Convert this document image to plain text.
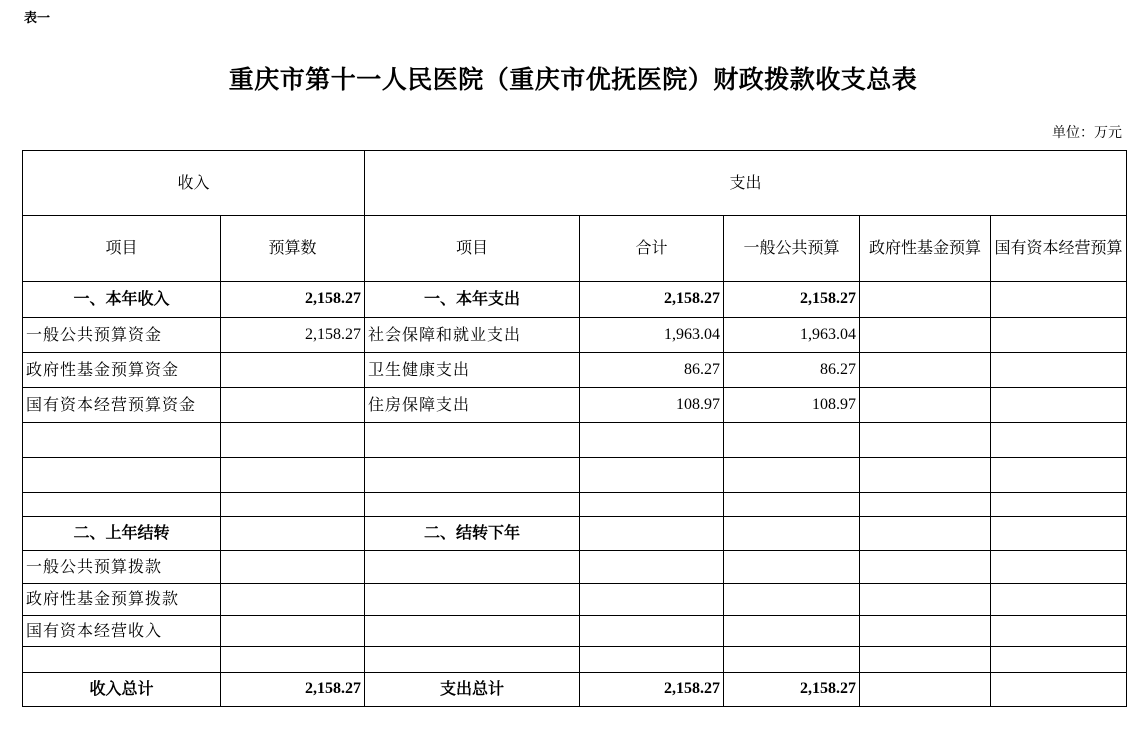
表一
重庆市第十一人民医院（重庆市优抚医院）财政拨款收支总表
单位：万元
收入		支出				
项目	预算数	项目	合计	一般公共预算	政府性基金预算	国有资本经营预算
一、本年收入	2,158.27	一、本年支出	2,158.27	2,158.27		
一般公共预算资金	2,158.27	社会保障和就业支出	1,963.04	1,963.04		
政府性基金预算资金		卫生健康支出	86.27	86.27		
国有资本经营预算资金		住房保障支出	108.97	108.97		

二、上年结转		二、结转下年				
一般公共预算拨款						
政府性基金预算拨款						
国有资本经营收入						

收入总计	2,158.27	支出总计	2,158.27	2,158.27		
